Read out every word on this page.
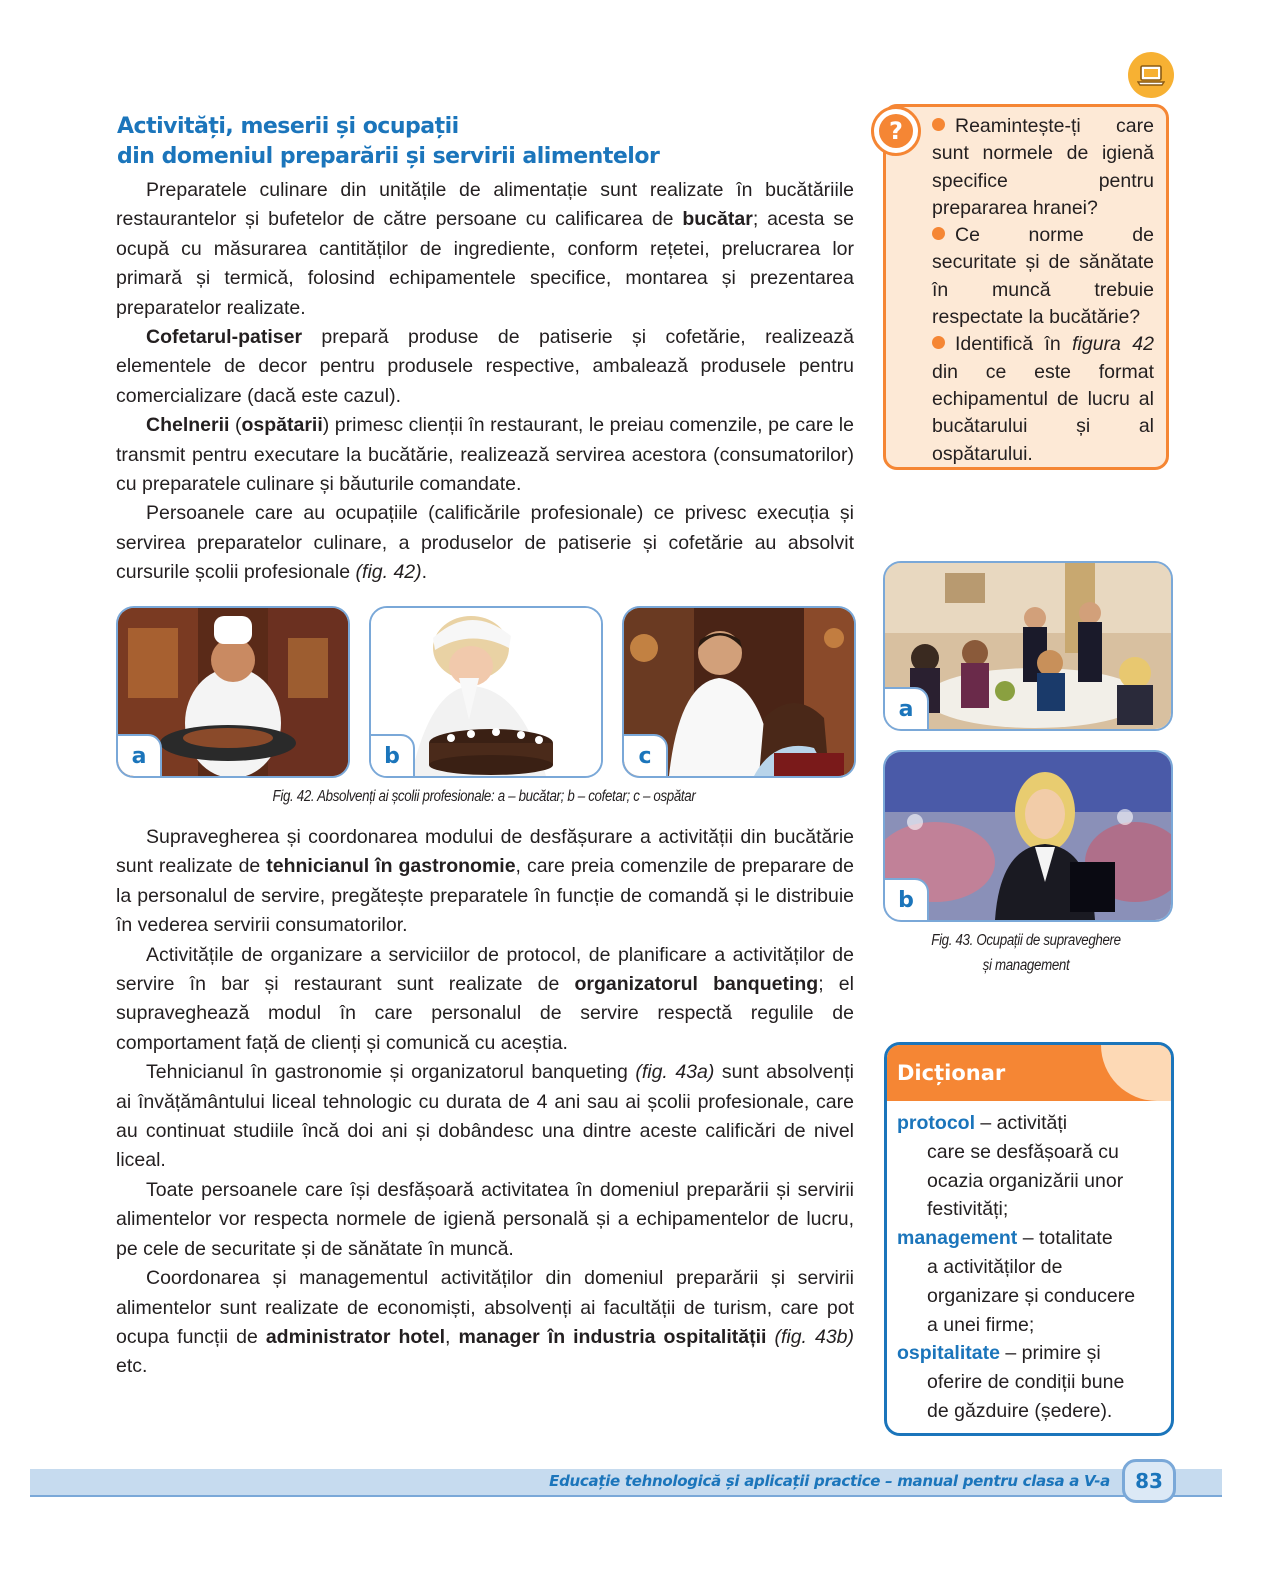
Activități, meserii și ocupații
din domeniul preparării și servirii alimentelor

Preparatele culinare din unitățile de alimentație sunt realizate în bucătăriile restaurantelor și bufetelor de către persoane cu calificarea de bucătar; acesta se ocupă cu măsurarea cantităților de ingrediente, conform rețetei, prelucrarea lor primară și termică, folosind echipamentele specifice, montarea și prezentarea preparatelor realizate.

Cofetarul-patiser prepară produse de patiserie și cofetărie, realizează elementele de decor pentru produsele respective, ambalează produsele pentru comercializare (dacă este cazul).

Chelnerii (ospătarii) primesc clienții în restaurant, le preiau comenzile, pe care le transmit pentru executare la bucătărie, realizează servirea acestora (consumatorilor) cu preparatele culinare și băuturile comandate.

Persoanele care au ocupațiile (calificările profesionale) ce privesc execuția și servirea preparatelor culinare, a produselor de patiserie și cofetărie au absolvit cursurile școlii profesionale (fig. 42).

a	b	c
Fig. 42. Absolvenți ai școlii profesionale: a – bucătar; b – cofetar; c – ospătar

Supravegherea și coordonarea modului de desfășurare a activității din bucătărie sunt realizate de tehnicianul în gastronomie, care preia comenzile de preparare de la personalul de servire, pregătește preparatele în funcție de comandă și le distribuie în vederea servirii consumatorilor.

Activitățile de organizare a serviciilor de protocol, de planificare a activităților de servire în bar și restaurant sunt realizate de organizatorul banqueting; el supraveghează modul în care personalul de servire respectă regulile de comportament față de clienți și comunică cu aceștia.

Tehnicianul în gastronomie și organizatorul banqueting (fig. 43a) sunt absolvenți ai învățământului liceal tehnologic cu durata de 4 ani sau ai școlii profesionale, care au continuat studiile încă doi ani și dobândesc una dintre aceste calificări de nivel liceal.

Toate persoanele care își desfășoară activitatea în domeniul preparării și servirii alimentelor vor respecta normele de igienă personală și a echipamentelor de lucru, pe cele de securitate și de sănătate în muncă.

Coordonarea și managementul activităților din domeniul preparării și servirii alimentelor sunt realizate de economiști, absolvenți ai facultății de turism, care pot ocupa funcții de administrator hotel, manager în industria ospitalității (fig. 43b) etc.

Reamintește-ți care sunt normele de igienă specifice pentru prepararea hranei?

Ce norme de securitate și de sănătate în muncă trebuie respectate la bucătărie?

Identifică în figura 42 din ce este format echipamentul de lucru al bucătarului și al ospătarului.

?
a
b
Fig. 43. Ocupații de supraveghere
și management
Dicționar

protocol – activități
care se desfășoară cu
ocazia organizării unor
festivități;

management – totalitate
a activităților de
organizare și conducere
a unei firme;

ospitalitate – primire și
oferire de condiții bune
de găzduire (ședere).

Educație tehnologică și aplicații practice – manual pentru clasa a V-a	83
